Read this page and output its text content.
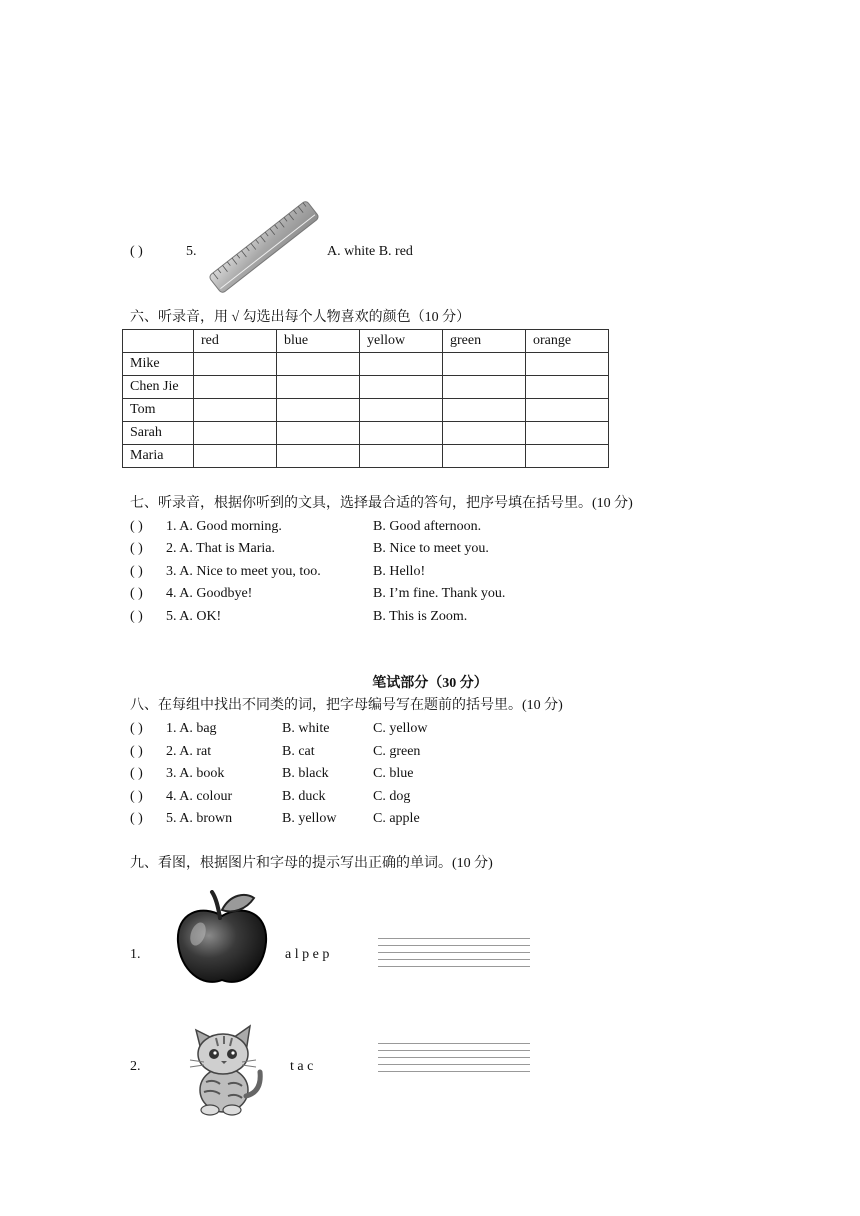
( )	5.	A. white B. red
六、听录音，用 √ 勾选出每个人物喜欢的颜色（10 分）
	red	blue	yellow	green	orange
Mike					
Chen Jie					
Tom					
Sarah					
Maria					
七、听录音，根据你听到的文具，选择最合适的答句，把序号填在括号里。(10 分)
( ) 1. A. Good morning.	B. Good afternoon.
( ) 2. A. That is Maria.	B. Nice to meet you.
( ) 3. A. Nice to meet you, too.	B. Hello!
( ) 4. A. Goodbye!	B. I’m fine. Thank you.
( ) 5. A. OK!	B. This is Zoom.
笔试部分（30 分）
八、在每组中找出不同类的词，把字母编号写在题前的括号里。(10 分)
( ) 1. A. bag	B. white	C. yellow
( ) 2. A. rat	B. cat	C. green
( ) 3. A. book	B. black	C. blue
( ) 4. A. colour	B. duck	C. dog
( ) 5. A. brown	B. yellow	C. apple
九、看图，根据图片和字母的提示写出正确的单词。(10 分)
1.	a l p e p
2.	t a c
